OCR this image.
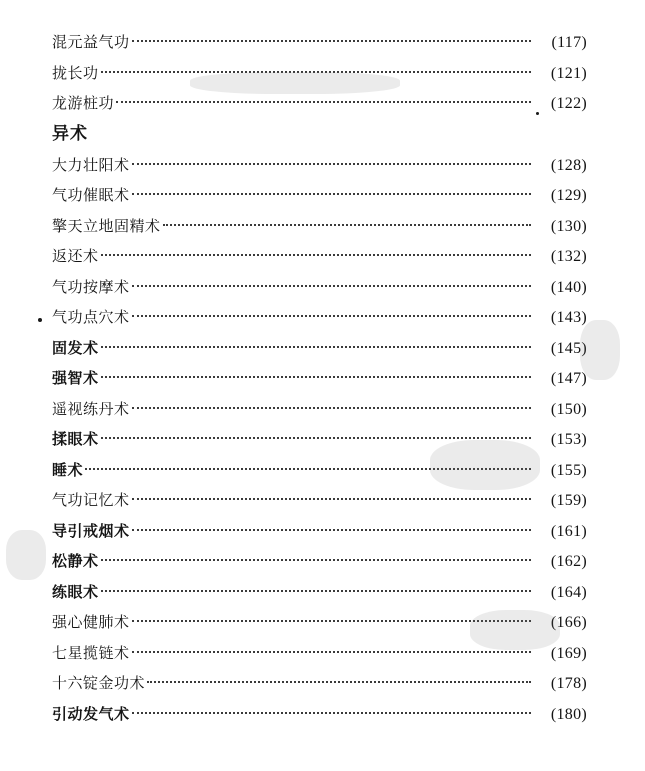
混元益气功	(117)
拢长功	(121)
龙游桩功	(122)
异术
大力壮阳术	(128)
气功催眠术	(129)
擎天立地固精术	(130)
返还术	(132)
气功按摩术	(140)
气功点穴术	(143)
固发术	(145)
强智术	(147)
遥视练丹术	(150)
揉眼术	(153)
睡术	(155)
气功记忆术	(159)
导引戒烟术	(161)
松静术	(162)
练眼术	(164)
强心健肺术	(166)
七星揽链术	(169)
十六锭金功术	(178)
引动发气术	(180)
